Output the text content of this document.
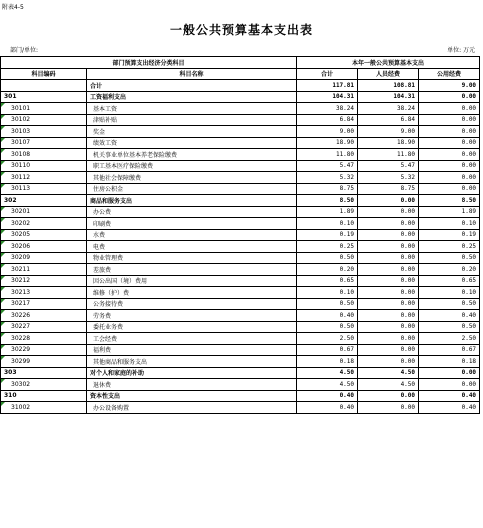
附表4-5
一般公共预算基本支出表
部门/单位:	单位: 万元
部门预算支出经济分类科目		本年一般公共预算基本支出		
科目编码	科目名称	合计	人员经费	公用经费
	合计	117.81	108.81	9.00
301	工资福利支出	104.31	104.31	0.00
30101	基本工资	38.24	38.24	0.00
30102	津贴补贴	6.84	6.84	0.00
30103	奖金	9.00	9.00	0.00
30107	绩效工资	18.90	18.90	0.00
30108	机关事业单位基本养老保险缴费	11.80	11.80	0.00
30110	职工基本医疗保险缴费	5.47	5.47	0.00
30112	其他社会保障缴费	5.32	5.32	0.00
30113	住房公积金	8.75	8.75	0.00
302	商品和服务支出	8.50	0.00	8.50
30201	办公费	1.89	0.00	1.89
30202	印刷费	0.10	0.00	0.10
30205	水费	0.19	0.00	0.19
30206	电费	0.25	0.00	0.25
30209	物业管理费	0.50	0.00	0.50
30211	差旅费	0.20	0.00	0.20
30212	因公出国（境）费用	0.65	0.00	0.65
30213	维修（护）费	0.10	0.00	0.10
30217	公务接待费	0.50	0.00	0.50
30226	劳务费	0.40	0.00	0.40
30227	委托业务费	0.50	0.00	0.50
30228	工会经费	2.50	0.00	2.50
30229	福利费	0.67	0.00	0.67
30299	其他商品和服务支出	0.18	0.00	0.18
303	对个人和家庭的补助	4.50	4.50	0.00
30302	退休费	4.50	4.50	0.00
310	资本性支出	0.40	0.00	0.40
31002	办公设备购置	0.40	0.00	0.40
